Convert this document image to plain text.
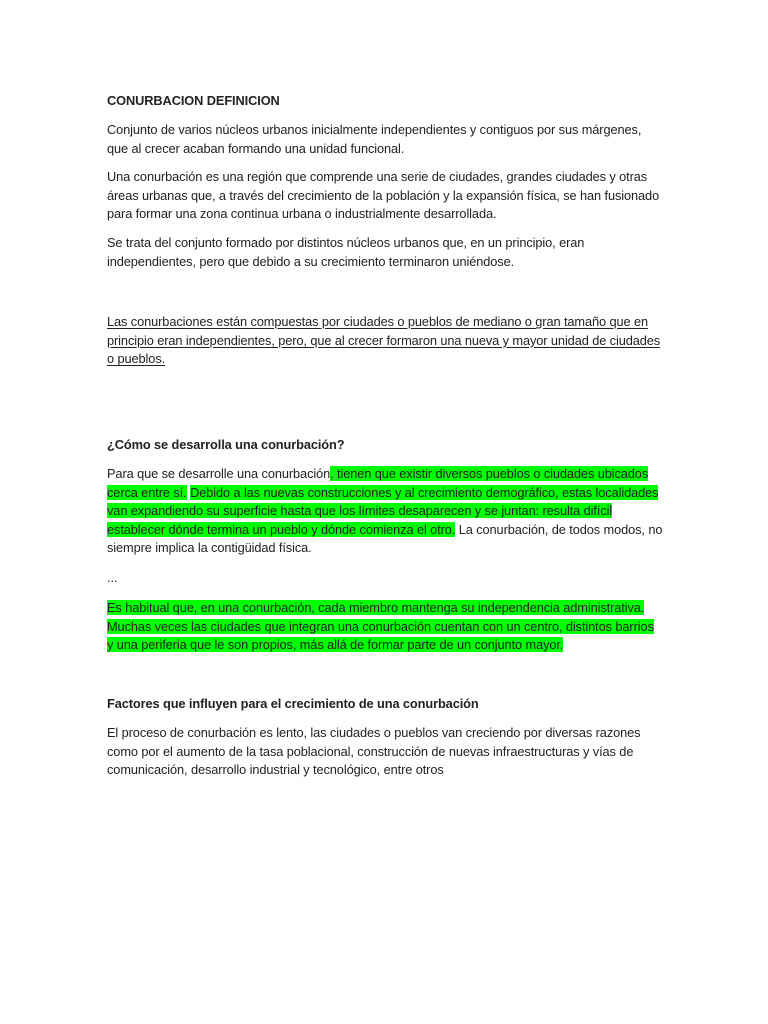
CONURBACION DEFINICION

Conjunto de varios núcleos urbanos inicialmente independientes y contiguos por sus márgenes, que al crecer acaban formando una unidad funcional.

Una conurbación es una región que comprende una serie de ciudades, grandes ciudades y otras áreas urbanas que, a través del crecimiento de la población y la expansión física, se han fusionado para formar una zona continua urbana o industrialmente desarrollada.

Se trata del conjunto formado por distintos núcleos urbanos que, en un principio, eran independientes, pero que debido a su crecimiento terminaron uniéndose.

Las conurbaciones están compuestas por ciudades o pueblos de mediano o gran tamaño que en principio eran independientes, pero, que al crecer formaron una nueva y mayor unidad de ciudades o pueblos.

¿Cómo se desarrolla una conurbación?

Para que se desarrolle una conurbación, tienen que existir diversos pueblos o ciudades ubicados cerca entre sí. Debido a las nuevas construcciones y al crecimiento demográfico, estas localidades van expandiendo su superficie hasta que los límites desaparecen y se juntan: resulta difícil establecer dónde termina un pueblo y dónde comienza el otro. La conurbación, de todos modos, no siempre implica la contigüidad física.

...

Es habitual que, en una conurbación, cada miembro mantenga su independencia administrativa. Muchas veces las ciudades que integran una conurbación cuentan con un centro, distintos barrios y una periferia que le son propios, más allá de formar parte de un conjunto mayor.

Factores que influyen para el crecimiento de una conurbación

El proceso de conurbación es lento, las ciudades o pueblos van creciendo por diversas razones como por el aumento de la tasa poblacional, construcción de nuevas infraestructuras y vías de comunicación, desarrollo industrial y tecnológico, entre otros
